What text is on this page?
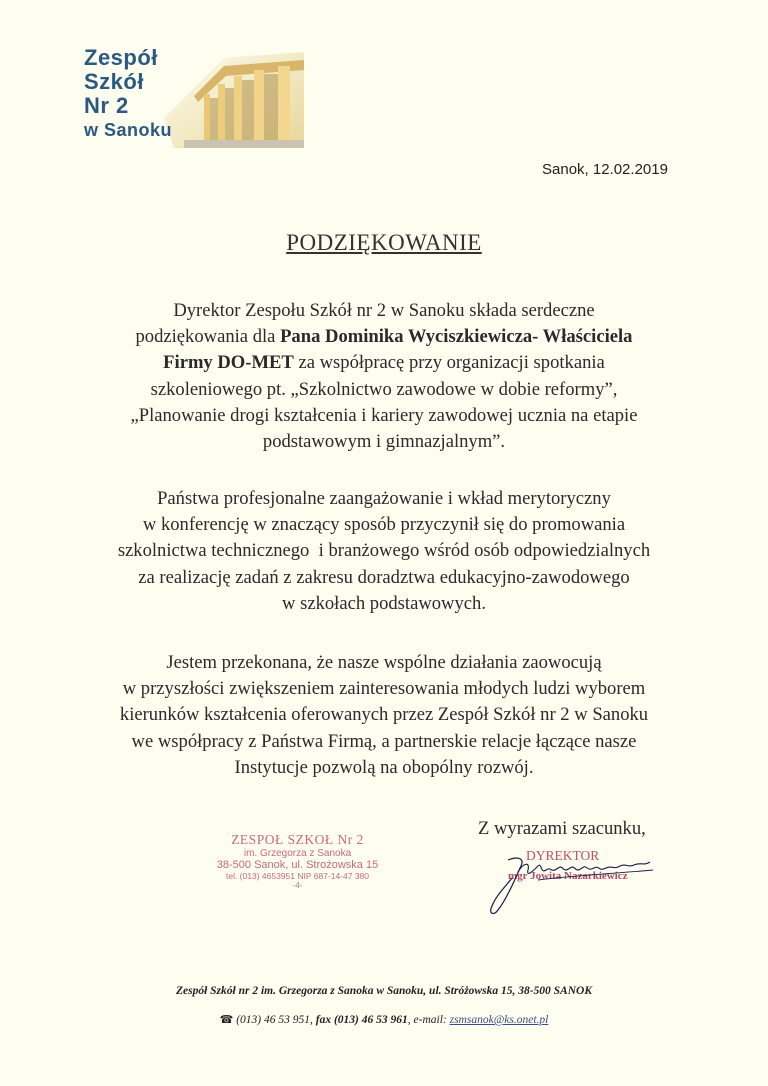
Zespół
Szkół
Nr 2
w Sanoku
Sanok, 12.02.2019
PODZIĘKOWANIE
Dyrektor Zespołu Szkół nr 2 w Sanoku składa serdeczne
podziękowania dla Pana Dominika Wyciszkiewicza- Właściciela
Firmy DO-MET za współpracę przy organizacji spotkania
szkoleniowego pt. „Szkolnictwo zawodowe w dobie reformy”,
„Planowanie drogi kształcenia i kariery zawodowej ucznia na etapie
podstawowym i gimnazjalnym”.
Państwa profesjonalne zaangażowanie i wkład merytoryczny
w konferencję w znaczący sposób przyczynił się do promowania
szkolnictwa technicznego  i branżowego wśród osób odpowiedzialnych
za realizację zadań z zakresu doradztwa edukacyjno-zawodowego
w szkołach podstawowych.
Jestem przekonana, że nasze wspólne działania zaowocują
w przyszłości zwiększeniem zainteresowania młodych ludzi wyborem
kierunków kształcenia oferowanych przez Zespół Szkół nr 2 w Sanoku
we współpracy z Państwa Firmą, a partnerskie relacje łączące nasze
Instytucje pozwolą na obopólny rozwój.
Z wyrazami szacunku,
ZESPOŁ SZKOŁ Nr 2
im. Grzegorza z Sanoka
38-500 Sanok, ul. Strożowska 15
tel. (013) 4653951 NIP 687-14-47 380
-4-
DYREKTOR
mgr Jowita Nazarkiewicz
Zespół Szkół nr 2 im. Grzegorza z Sanoka w Sanoku, ul. Stróżowska 15, 38-500 SANOK
☎ (013) 46 53 951, fax (013) 46 53 961, e-mail: zsmsanok@ks.onet.pl
